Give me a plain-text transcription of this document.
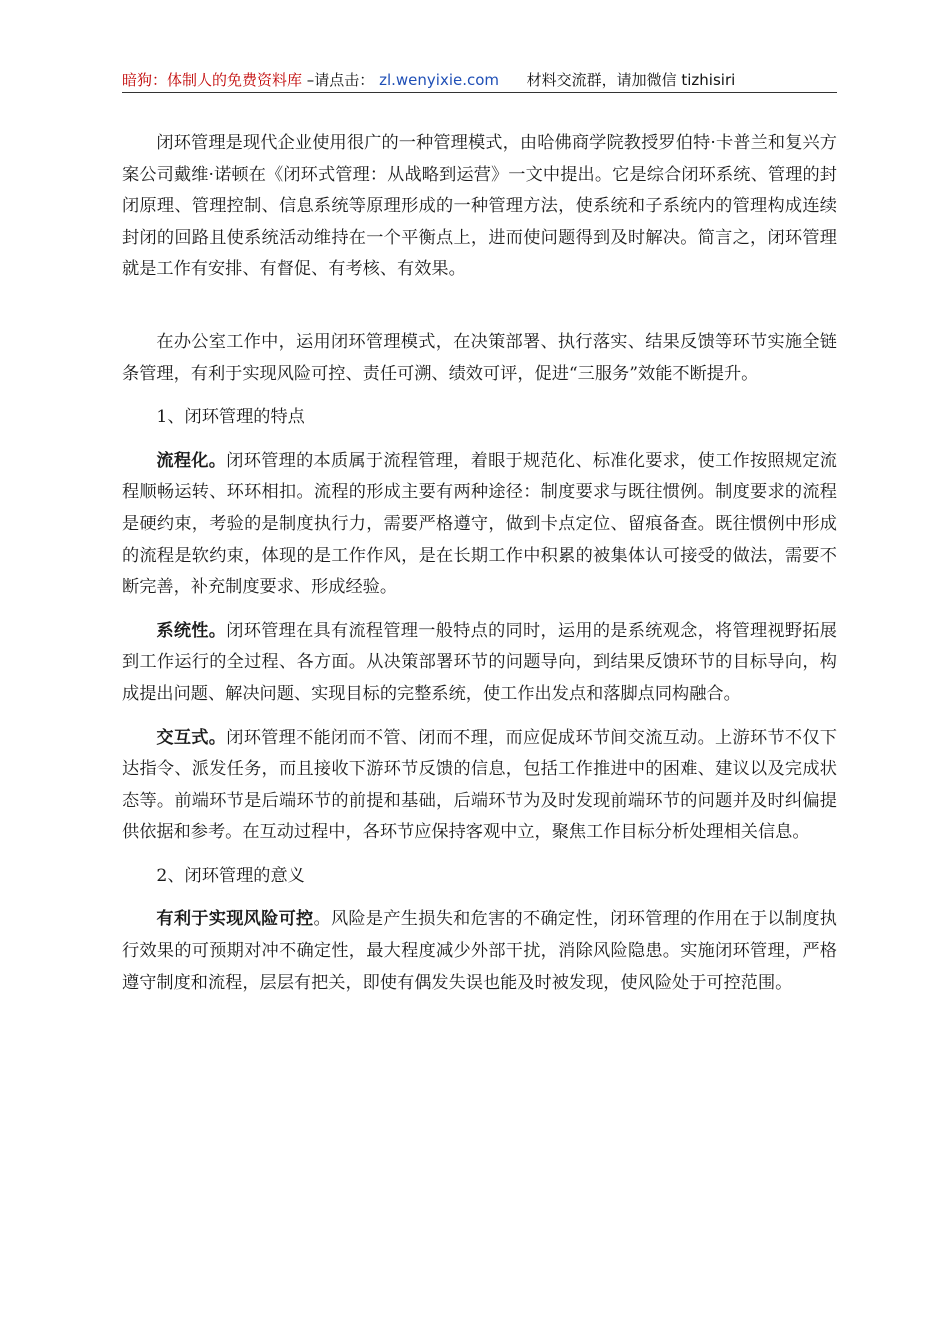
暗狗：体制人的免费资料库 –请点击： zl.wenyixie.com 材料交流群，请加微信 tizhisiri

闭环管理是现代企业使用很广的一种管理模式，由哈佛商学院教授罗伯特·卡普兰和复兴方案公司戴维·诺顿在《闭环式管理：从战略到运营》一文中提出。它是综合闭环系统、管理的封闭原理、管理控制、信息系统等原理形成的一种管理方法，使系统和子系统内的管理构成连续封闭的回路且使系统活动维持在一个平衡点上，进而使问题得到及时解决。简言之，闭环管理就是工作有安排、有督促、有考核、有效果。

在办公室工作中，运用闭环管理模式，在决策部署、执行落实、结果反馈等环节实施全链条管理，有利于实现风险可控、责任可溯、绩效可评，促进“三服务”效能不断提升。

1、闭环管理的特点

流程化。闭环管理的本质属于流程管理，着眼于规范化、标准化要求，使工作按照规定流程顺畅运转、环环相扣。流程的形成主要有两种途径：制度要求与既往惯例。制度要求的流程是硬约束，考验的是制度执行力，需要严格遵守，做到卡点定位、留痕备查。既往惯例中形成的流程是软约束，体现的是工作作风，是在长期工作中积累的被集体认可接受的做法，需要不断完善，补充制度要求、形成经验。

系统性。闭环管理在具有流程管理一般特点的同时，运用的是系统观念，将管理视野拓展到工作运行的全过程、各方面。从决策部署环节的问题导向，到结果反馈环节的目标导向，构成提出问题、解决问题、实现目标的完整系统，使工作出发点和落脚点同构融合。

交互式。闭环管理不能闭而不管、闭而不理，而应促成环节间交流互动。上游环节不仅下达指令、派发任务，而且接收下游环节反馈的信息，包括工作推进中的困难、建议以及完成状态等。前端环节是后端环节的前提和基础，后端环节为及时发现前端环节的问题并及时纠偏提供依据和参考。在互动过程中，各环节应保持客观中立，聚焦工作目标分析处理相关信息。

2、闭环管理的意义

有利于实现风险可控。风险是产生损失和危害的不确定性，闭环管理的作用在于以制度执行效果的可预期对冲不确定性，最大程度减少外部干扰，消除风险隐患。实施闭环管理，严格遵守制度和流程，层层有把关，即使有偶发失误也能及时被发现，使风险处于可控范围。
